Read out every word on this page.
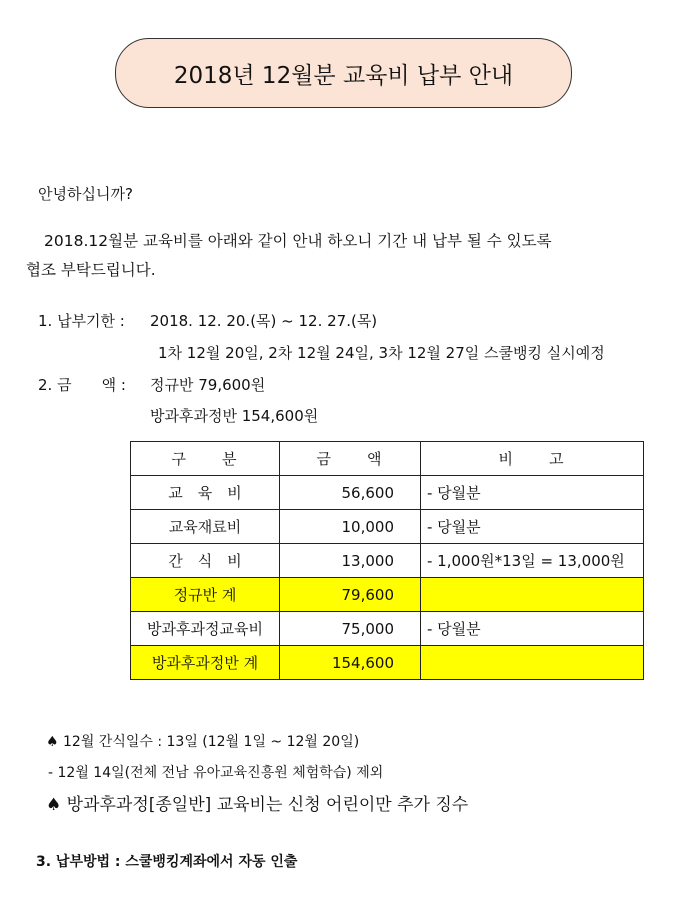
2018년 12월분 교육비 납부 안내
안녕하십니까?
2018.12월분 교육비를 아래와 같이 안내 하오니 기간 내 납부 될 수 있도록
협조 부탁드립니다.
1. 납부기한 : 2018. 12. 20.(목) ~ 12. 27.(목)
1차 12월 20일, 2차 12월 24일, 3차 12월 27일 스쿨뱅킹 실시예정
2. 금　　액 : 정규반 79,600원
방과후과정반 154,600원
구　　분	금　　액	비　　고
교　육　비	56,600	- 당월분
교육재료비	10,000	- 당월분
간　식　비	13,000	- 1,000원*13일 = 13,000원
정규반 계	79,600	
방과후과정교육비	75,000	- 당월분
방과후과정반 계	154,600	
♠ 12월 간식일수 : 13일 (12월 1일 ~ 12월 20일)
- 12월 14일(전체 전남 유아교육진흥원 체험학습) 제외
♠ 방과후과정[종일반] 교육비는 신청 어린이만 추가 징수
3. 납부방법 : 스쿨뱅킹계좌에서 자동 인출
